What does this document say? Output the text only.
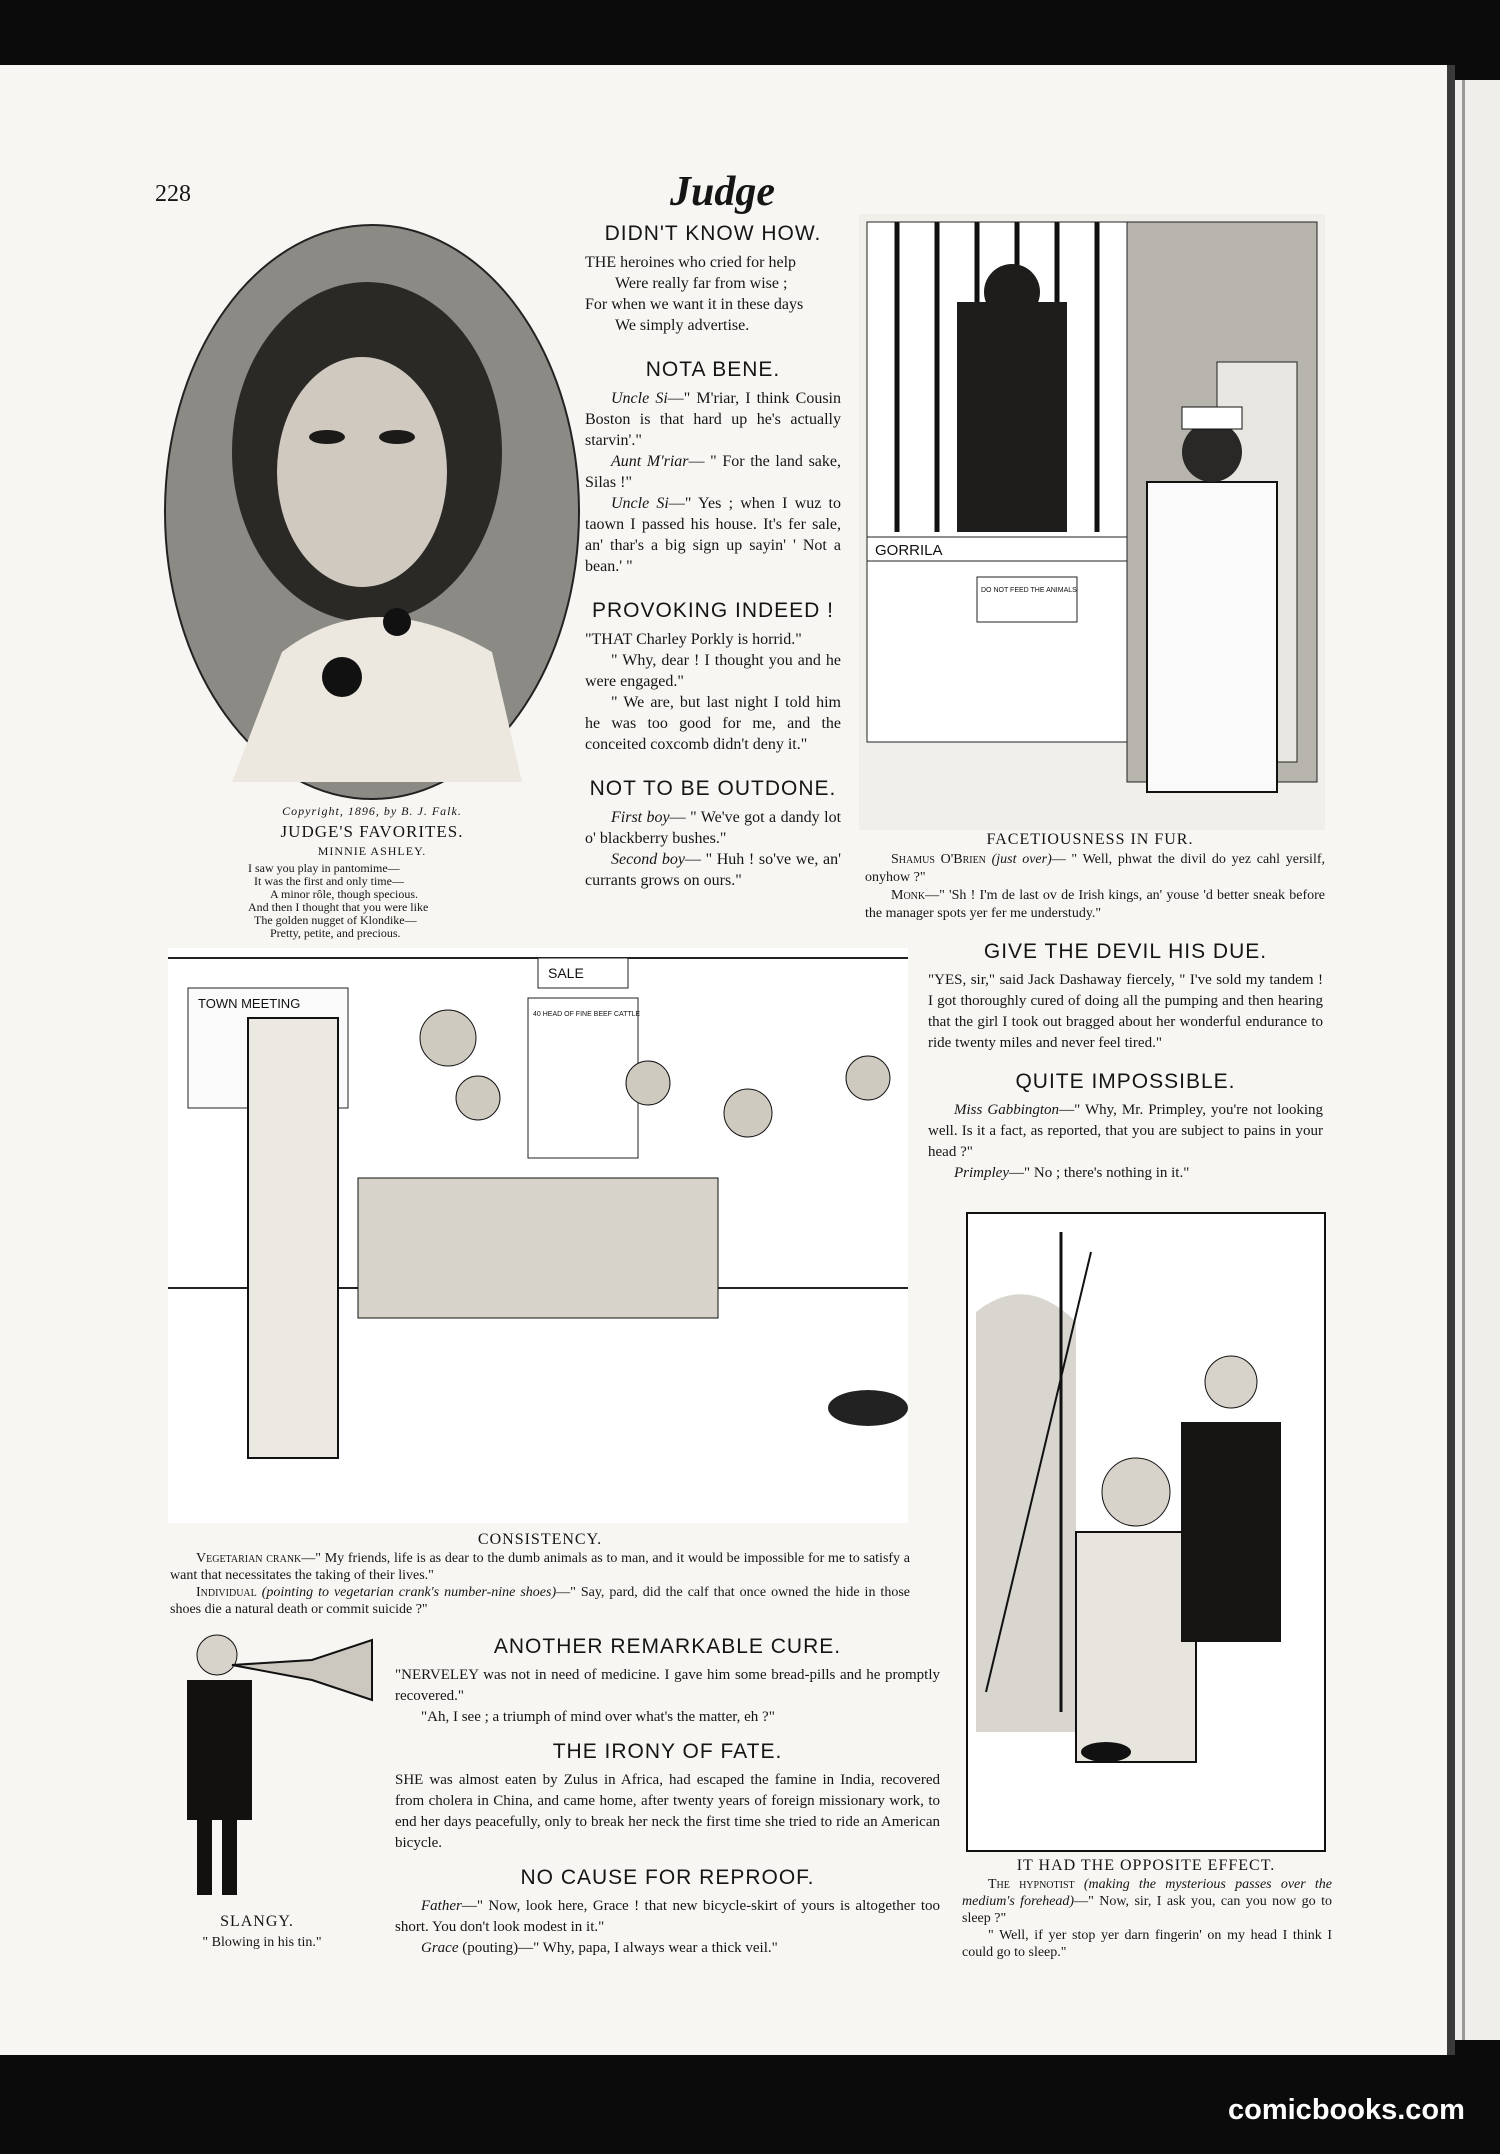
228	Judge
Copyright, 1896, by B. J. Falk.
JUDGE'S FAVORITES.
MINNIE ASHLEY.
I saw you play in pantomime—
It was the first and only time—
A minor rôle, though specious.
And then I thought that you were like
The golden nugget of Klondike—
Pretty, petite, and precious.
DIDN'T KNOW HOW.

THE heroines who cried for help

Were really far from wise ;

For when we want it in these days

We simply advertise.

NOTA BENE.

Uncle Si—" M'riar, I think Cousin Boston is that hard up he's actually starvin'."

Aunt M'riar— " For the land sake, Silas !"

Uncle Si—" Yes ; when I wuz to taown I passed his house. It's fer sale, an' thar's a big sign up sayin' ' Not a bean.' "

PROVOKING INDEED !

"THAT Charley Porkly is horrid."

" Why, dear ! I thought you and he were engaged."

" We are, but last night I told him he was too good for me, and the conceited coxcomb didn't deny it."

NOT TO BE OUTDONE.

First boy— " We've got a dandy lot o' blackberry bushes."

Second boy— " Huh ! so've we, an' currants grows on ours."

GORRILA
DO NOT FEED THE ANIMALS
FACETIOUSNESS IN FUR.

Shamus O'Brien (just over)— " Well, phwat the divil do yez cahl yersilf, onyhow ?"

Monk—" 'Sh ! I'm de last ov de Irish kings, an' youse 'd better sneak before the manager spots yer fer me understudy."

TOWN MEETING
SALE
40 HEAD OF FINE BEEF CATTLE
CONSISTENCY.

Vegetarian crank—" My friends, life is as dear to the dumb animals as to man, and it would be impossible for me to satisfy a want that necessitates the taking of their lives."

Individual (pointing to vegetarian crank's number-nine shoes)—" Say, pard, did the calf that once owned the hide in those shoes die a natural death or commit suicide ?"

GIVE THE DEVIL HIS DUE.
"YES, sir," said Jack Dashaway fiercely, " I've sold my tandem ! I got thoroughly cured of doing all the pumping and then hearing that the girl I took out bragged about her wonderful endurance to ride twenty miles and never feel tired."
QUITE IMPOSSIBLE.

Miss Gabbington—" Why, Mr. Primpley, you're not looking well. Is it a fact, as reported, that you are subject to pains in your head ?"

Primpley—" No ; there's nothing in it."

IT HAD THE OPPOSITE EFFECT.

The hypnotist (making the mysterious passes over the medium's forehead)—" Now, sir, I ask you, can you now go to sleep ?"

" Well, if yer stop yer darn fingerin' on my head I think I could go to sleep."

SLANGY.
" Blowing in his tin."
ANOTHER REMARKABLE CURE.

"NERVELEY was not in need of medicine. I gave him some bread-pills and he promptly recovered."

"Ah, I see ; a triumph of mind over what's the matter, eh ?"

THE IRONY OF FATE.
SHE was almost eaten by Zulus in Africa, had escaped the famine in India, recovered from cholera in China, and came home, after twenty years of foreign missionary work, to end her days peacefully, only to break her neck the first time she tried to ride an American bicycle.
NO CAUSE FOR REPROOF.

Father—" Now, look here, Grace ! that new bicycle-skirt of yours is altogether too short. You don't look modest in it."

Grace (pouting)—" Why, papa, I always wear a thick veil."

comicbooks.com
